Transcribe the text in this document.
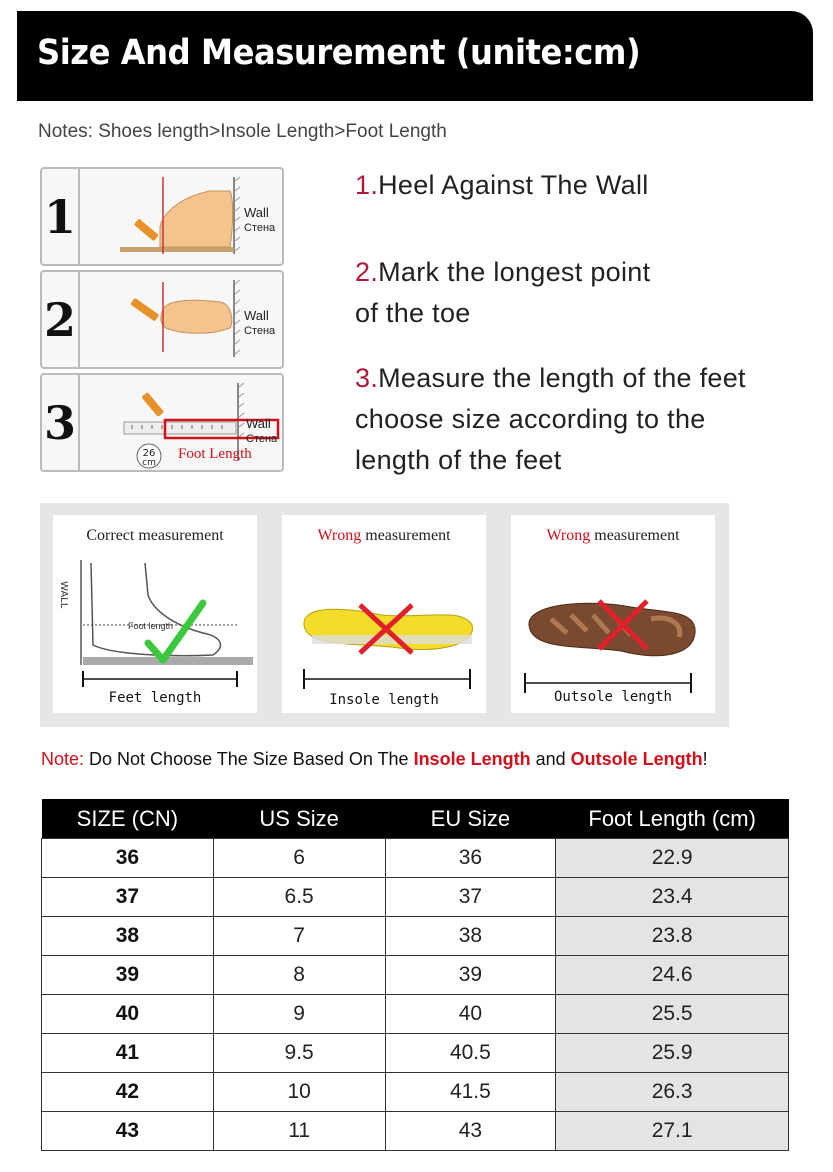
Size And Measurement (unite:cm)
Notes: Shoes length>Insole Length>Foot Length
1	Wall
Стена
2	Wall
Стена
3
26
cm
Foot Length
Wall
Стена
1.Heel Against The Wall
2.Mark the longest point
of the toe
3.Measure the length of the feet
choose size according to the
length of the feet
Correct measurement
WALL
Foot length
Feet length
Wrong measurement
Insole length
Wrong measurement
Outsole length
Note: Do Not Choose The Size Based On The Insole Length and Outsole Length!
SIZE (CN)	US Size	EU Size	Foot Length (cm)
36	6	36	22.9
37	6.5	37	23.4
38	7	38	23.8
39	8	39	24.6
40	9	40	25.5
41	9.5	40.5	25.9
42	10	41.5	26.3
43	11	43	27.1
